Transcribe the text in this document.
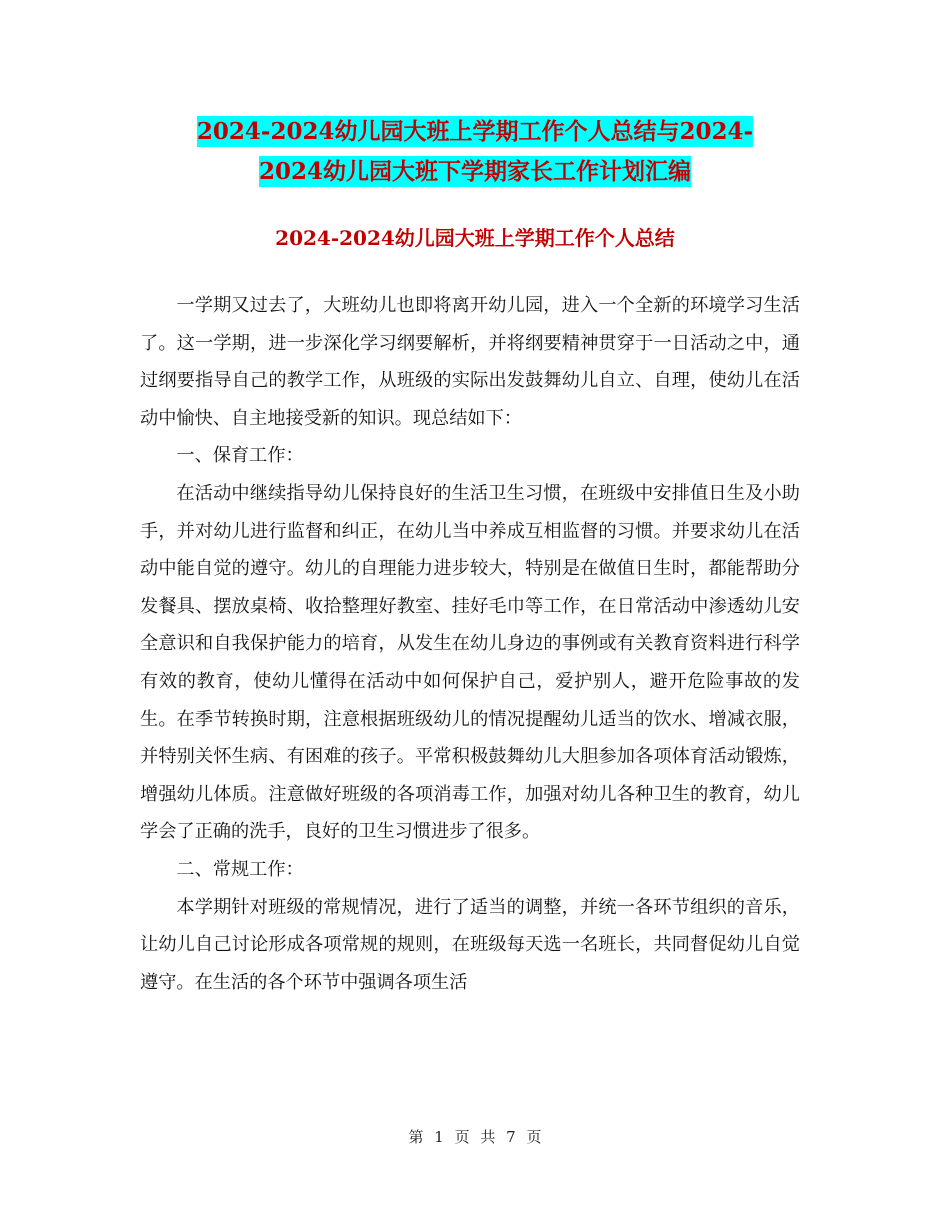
2024-2024幼儿园大班上学期工作个人总结与2024-
2024幼儿园大班下学期家长工作计划汇编
2024-2024幼儿园大班上学期工作个人总结

一学期又过去了，大班幼儿也即将离开幼儿园，进入一个全新的环境学习生活了。这一学期，进一步深化学习纲要解析，并将纲要精神贯穿于一日活动之中，通过纲要指导自己的教学工作，从班级的实际出发鼓舞幼儿自立、自理，使幼儿在活动中愉快、自主地接受新的知识。现总结如下：

一、保育工作：

在活动中继续指导幼儿保持良好的生活卫生习惯，在班级中安排值日生及小助手，并对幼儿进行监督和纠正，在幼儿当中养成互相监督的习惯。并要求幼儿在活动中能自觉的遵守。幼儿的自理能力进步较大，特别是在做值日生时，都能帮助分发餐具、摆放桌椅、收拾整理好教室、挂好毛巾等工作，在日常活动中渗透幼儿安全意识和自我保护能力的培育，从发生在幼儿身边的事例或有关教育资料进行科学有效的教育，使幼儿懂得在活动中如何保护自己，爱护别人，避开危险事故的发生。在季节转换时期，注意根据班级幼儿的情况提醒幼儿适当的饮水、增减衣服，并特别关怀生病、有困难的孩子。平常积极鼓舞幼儿大胆参加各项体育活动锻炼，增强幼儿体质。注意做好班级的各项消毒工作，加强对幼儿各种卫生的教育，幼儿学会了正确的洗手，良好的卫生习惯进步了很多。

二、常规工作：

本学期针对班级的常规情况，进行了适当的调整，并统一各环节组织的音乐，让幼儿自己讨论形成各项常规的规则，在班级每天选一名班长，共同督促幼儿自觉遵守。在生活的各个环节中强调各项生活

第 1 页 共 7 页
